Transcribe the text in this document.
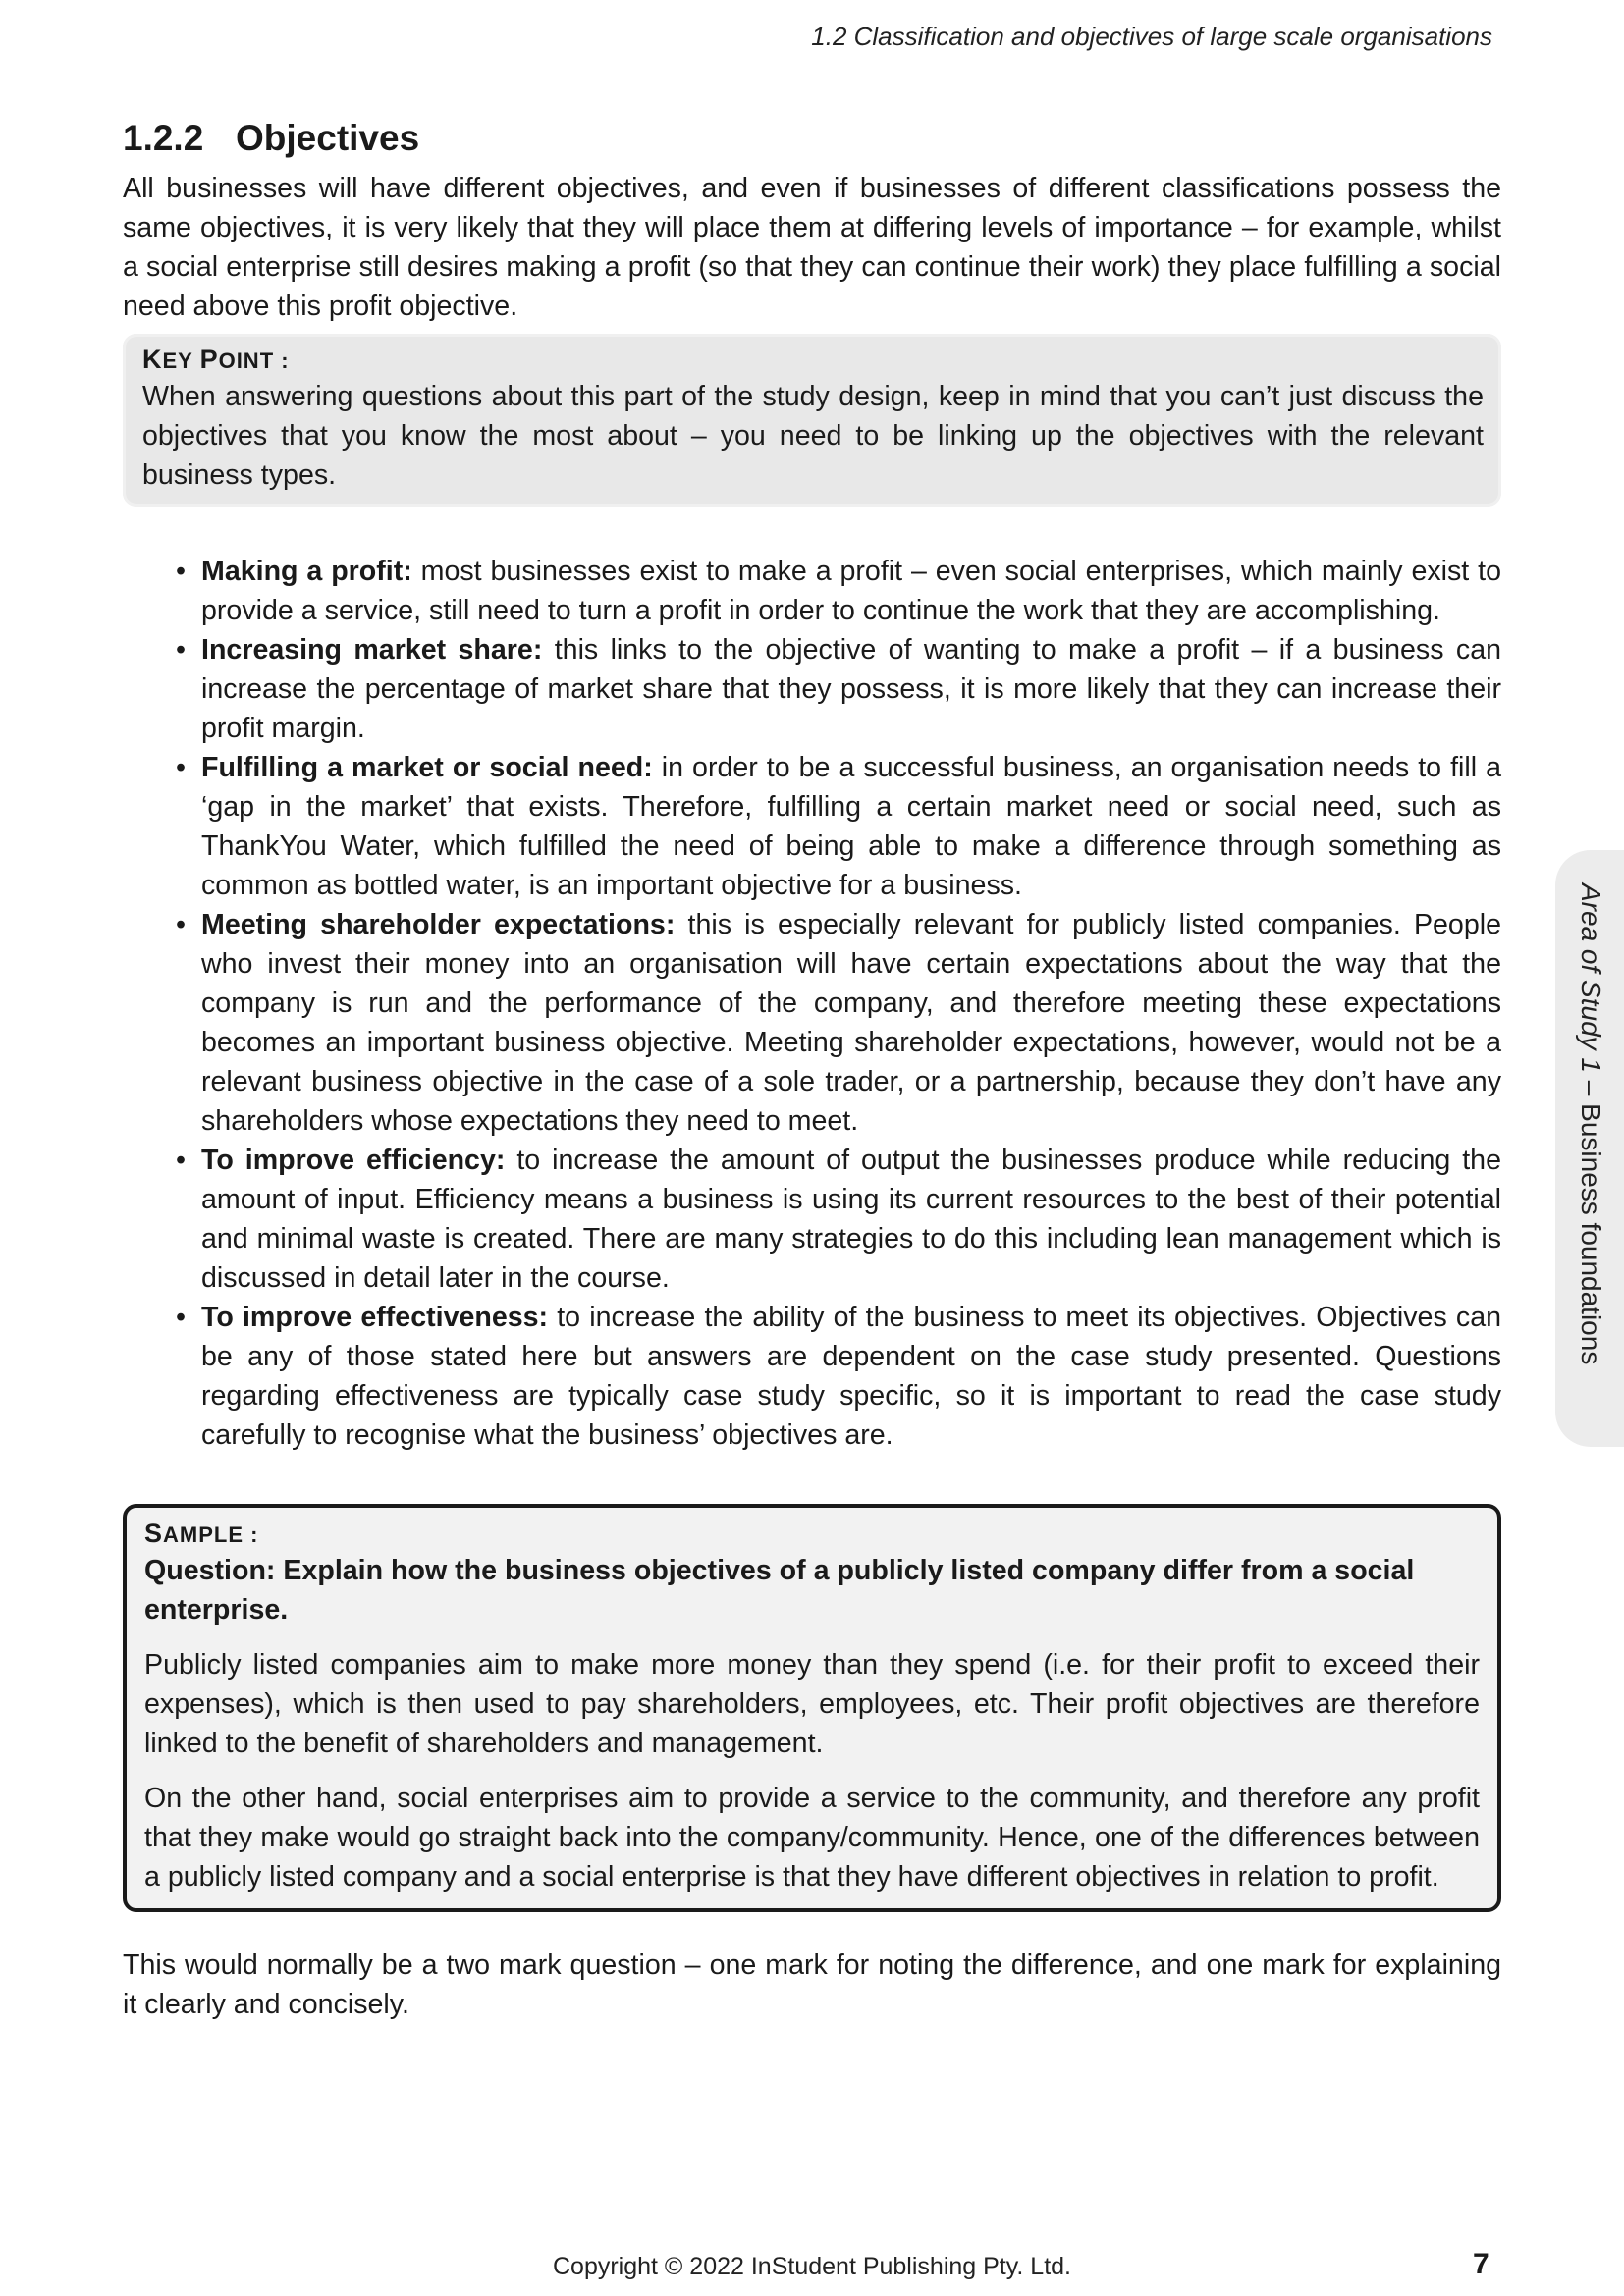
1.2 Classification and objectives of large scale organisations
1.2.2 Objectives

All businesses will have different objectives, and even if businesses of different classifications possess the same objectives, it is very likely that they will place them at differing levels of importance – for example, whilst a social enterprise still desires making a profit (so that they can continue their work) they place fulfilling a social need above this profit objective.

KEY POINT :

When answering questions about this part of the study design, keep in mind that you can’t just discuss the objectives that you know the most about – you need to be linking up the objectives with the relevant business types.

• Making a profit: most businesses exist to make a profit – even social enterprises, which mainly exist to provide a service, still need to turn a profit in order to continue the work that they are accomplishing.
• Increasing market share: this links to the objective of wanting to make a profit – if a business can increase the percentage of market share that they possess, it is more likely that they can increase their profit margin.
• Fulfilling a market or social need: in order to be a successful business, an organisation needs to fill a ‘gap in the market’ that exists. Therefore, fulfilling a certain market need or social need, such as ThankYou Water, which fulfilled the need of being able to make a difference through something as common as bottled water, is an important objective for a business.
• Meeting shareholder expectations: this is especially relevant for publicly listed companies. People who invest their money into an organisation will have certain expectations about the way that the company is run and the performance of the company, and therefore meeting these expectations becomes an important business objective. Meeting shareholder expectations, however, would not be a relevant business objective in the case of a sole trader, or a partnership, because they don’t have any shareholders whose expectations they need to meet.
• To improve efficiency: to increase the amount of output the businesses produce while reducing the amount of input. Efficiency means a business is using its current resources to the best of their potential and minimal waste is created. There are many strategies to do this including lean management which is discussed in detail later in the course.
• To improve effectiveness: to increase the ability of the business to meet its objectives. Objectives can be any of those stated here but answers are dependent on the case study presented. Questions regarding effectiveness are typically case study specific, so it is important to read the case study carefully to recognise what the business’ objectives are.
SAMPLE :

Question: Explain how the business objectives of a publicly listed company differ from a social enterprise.

Publicly listed companies aim to make more money than they spend (i.e. for their profit to exceed their expenses), which is then used to pay shareholders, employees, etc. Their profit objectives are therefore linked to the benefit of shareholders and management.

On the other hand, social enterprises aim to provide a service to the community, and therefore any profit that they make would go straight back into the company/community. Hence, one of the differences between a publicly listed company and a social enterprise is that they have different objectives in relation to profit.

This would normally be a two mark question – one mark for noting the difference, and one mark for explaining it clearly and concisely.

Area of Study 1 – Business foundations
Copyright © 2022 InStudent Publishing Pty. Ltd.	7
